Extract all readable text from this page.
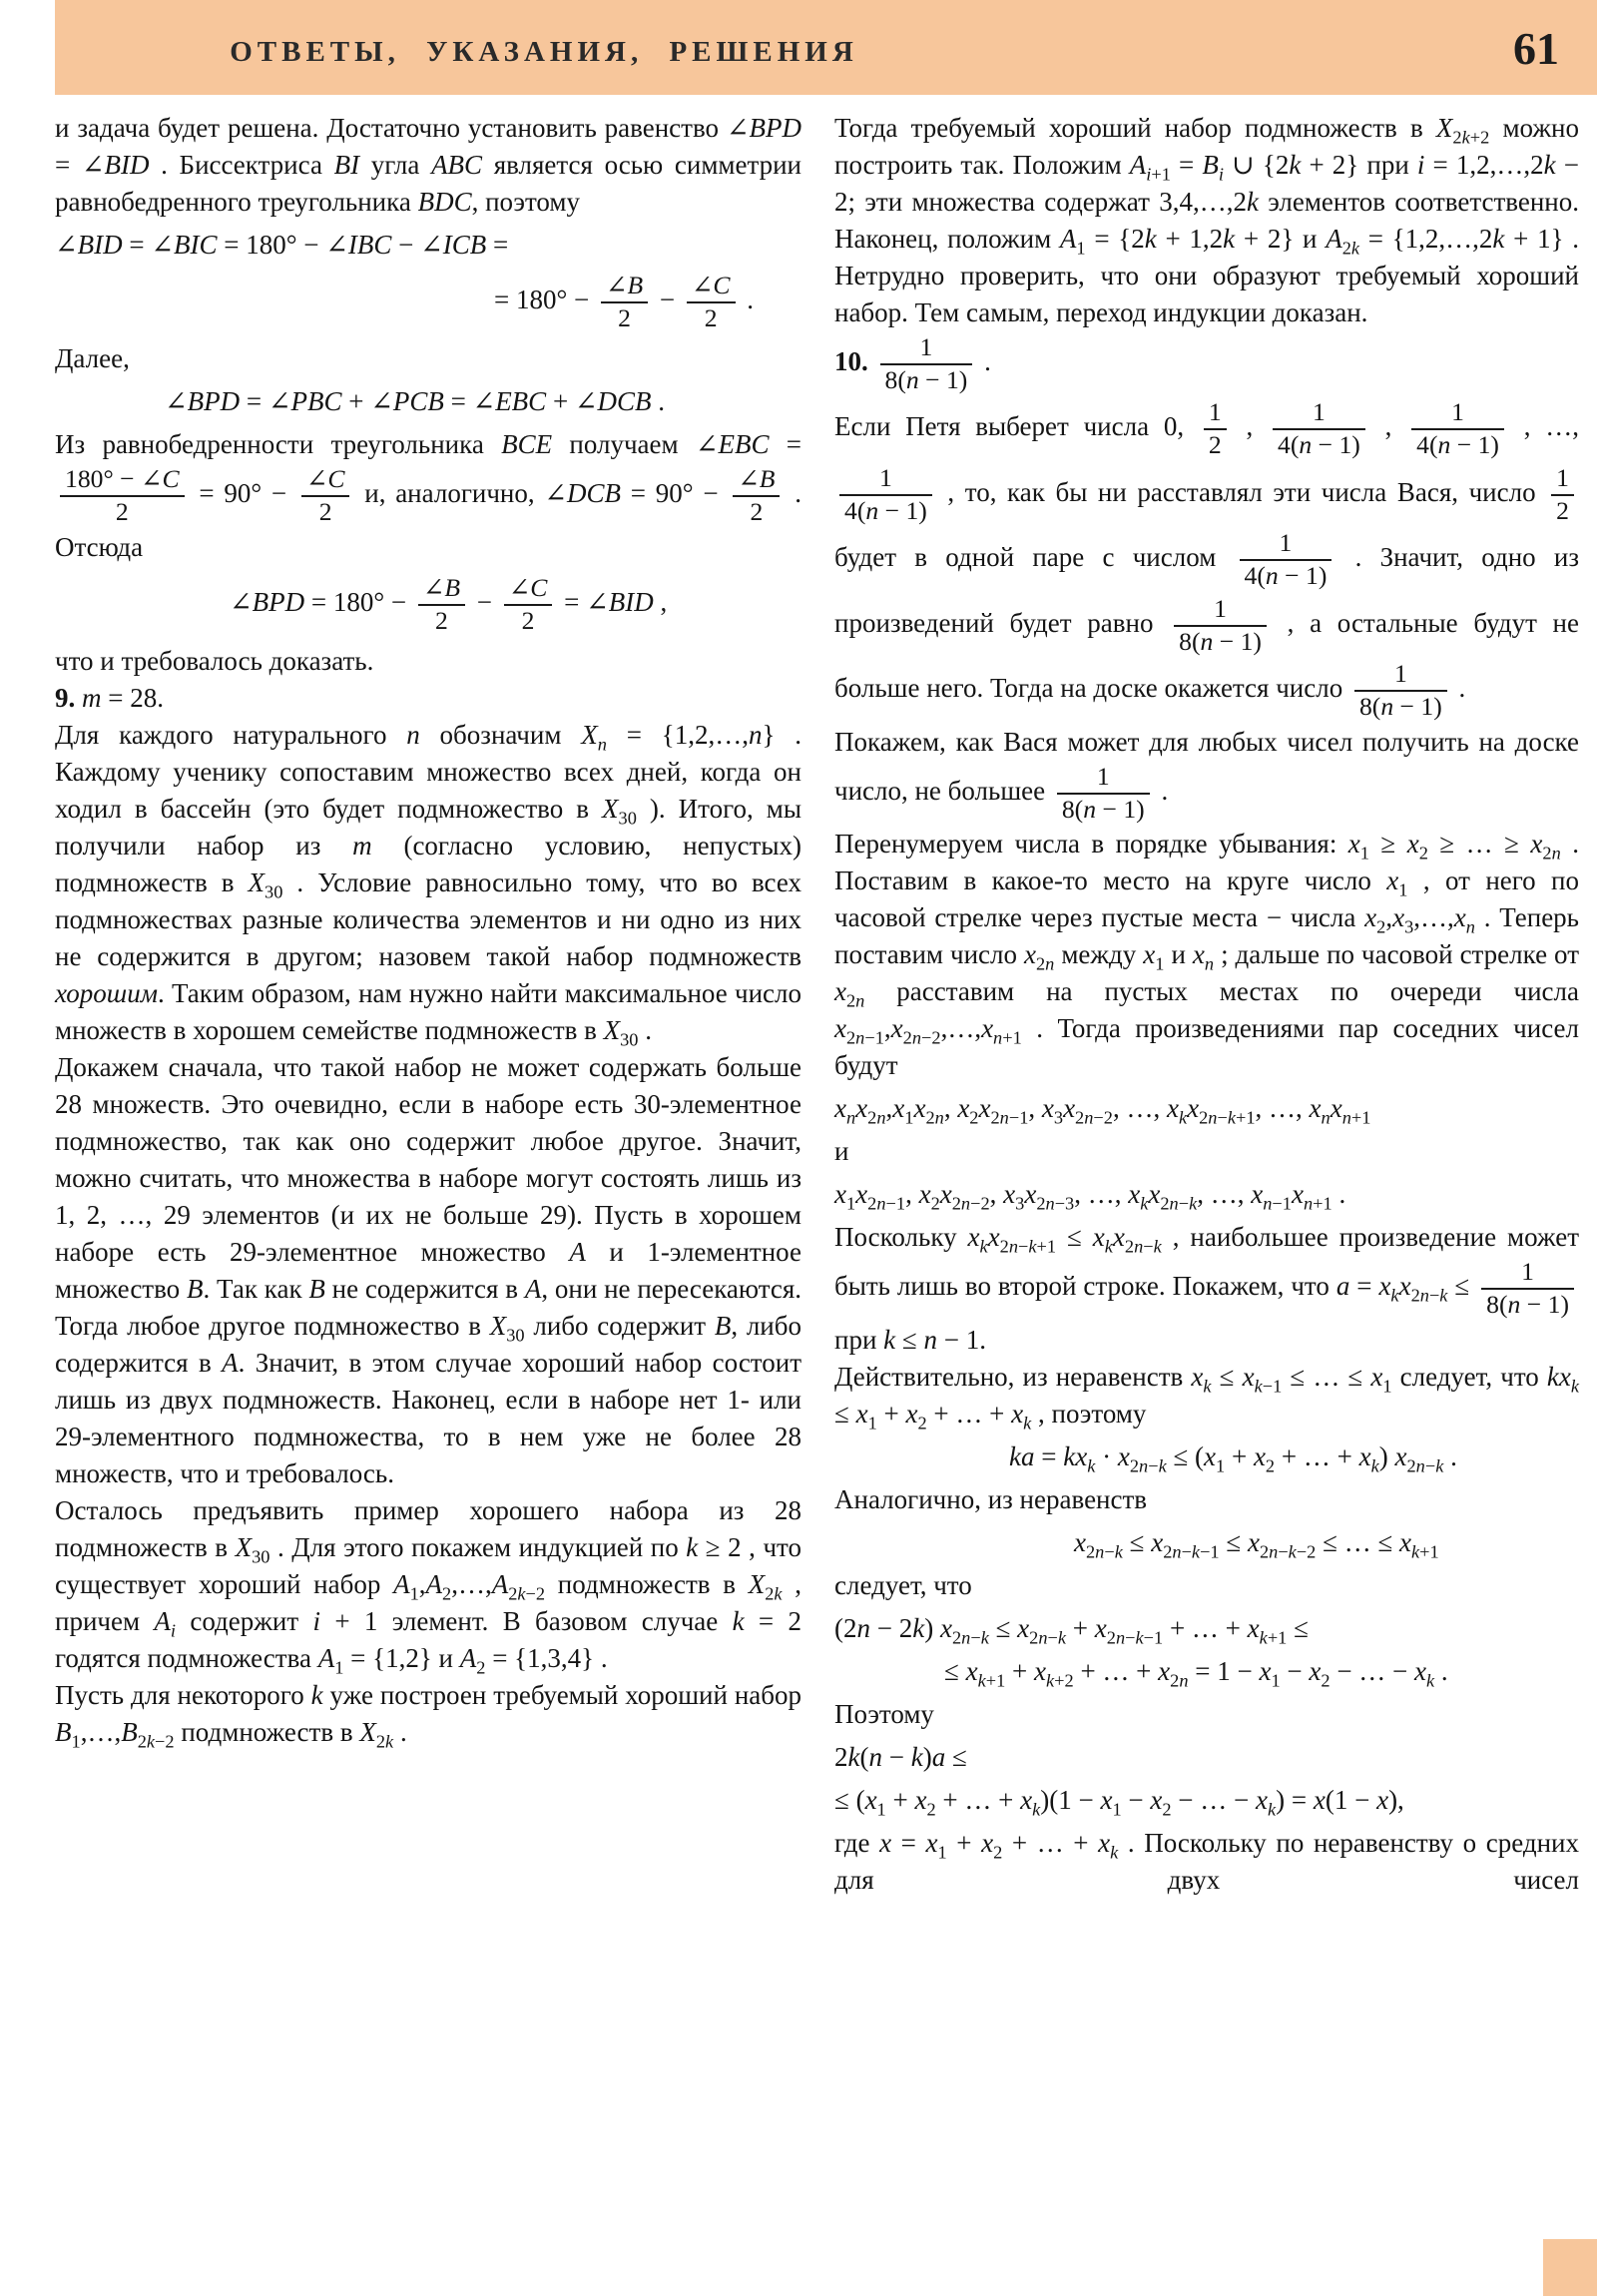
ОТВЕТЫ, УКАЗАНИЯ, РЕШЕНИЯ	61
и задача будет решена. Достаточно установить равенство ∠BPD = ∠BID . Биссектриса BI угла ABC является осью симметрии равнобедренного треугольника BDC, поэтому
∠BID = ∠BIC = 180° − ∠IBC − ∠ICB =
= $180^\circ - \frac{\angle B}{2} - \frac{\angle C}{2}$ .
Далее,
∠BPD = ∠PBC + ∠PCB = ∠EBC + ∠DCB .
Из равнобедренности треугольника BCE получаем ∠EBC =
$\frac{180^\circ - \angle C}{2} = 90^\circ - \frac{\angle C}{2} и$, аналогично, ∠DCB = $90^\circ - \frac{\angle B}{2}$ . Отсюда
∠BPD = $180^\circ - \frac{\angle B}{2} - \frac{\angle C}{2}$ = ∠BID ,
что и требовалось доказать.
9. m = 28.
Для каждого натурального n обозначим $X_n$ = {1,2,…,n} . Каждому ученику сопоставим множество всех дней, когда он ходил в бассейн (это будет подмножество в $X_{30}$ ). Итого, мы получили набор из m (согласно условию, непустых) подмножеств в $X_{30}$ . Условие равносильно тому, что во всех подмножествах разные количества элементов и ни одно из них не содержится в другом; назовем такой набор подмножеств хорошим. Таким образом, нам нужно найти максимальное число множеств в хорошем семействе подмножеств в $X_{30}$ .
Докажем сначала, что такой набор не может содержать больше 28 множеств. Это очевидно, если в наборе есть 30-элементное подмножество, так как оно содержит любое другое. Значит, можно считать, что множества в наборе могут состоять лишь из 1, 2, …, 29 элементов (и их не больше 29). Пусть в хорошем наборе есть 29-элементное множество A и 1-элементное множество B. Так как B не содержится в A, они не пересекаются. Тогда любое другое подмножество в $X_{30}$ либо содержит B, либо содержится в A. Значит, в этом случае хороший набор состоит лишь из двух подмножеств. Наконец, если в наборе нет 1- или 29-элементного подмножества, то в нем уже не более 28 множеств, что и требовалось.
Осталось предъявить пример хорошего набора из 28 подмножеств в $X_{30}$ . Для этого покажем индукцией по k ≥ 2 , что существует хороший набор $A_1,A_2,\dots,A_{2k-2}$ подмножеств в $X_{2k}$ , причем $A_i$ содержит i + 1 элемент. В базовом случае k = 2 годятся подмножества $A_1 = \{1,2\}$ и $A_2 = \{1,3,4\}$ .
Пусть для некоторого k уже построен требуемый хороший набор $B_1,\dots,B_{2k-2}$ подмножеств в $X_{2k}$ .
Тогда требуемый хороший набор подмножеств в $X_{2k+2}$ можно построить так. Положим $A_{i+1} = B_i$ ∪ {2k + 2} при i = 1,2,…,2k − 2; эти множества содержат 3,4,…,2k элементов соответственно. Наконец, положим $A_1 = \{2k + 1,2k + 2\}$ и $A_{2k}$ = {1,2,…,2k + 1} . Нетрудно проверить, что они образуют требуемый хороший набор. Тем самым, переход индукции доказан.
10. $\frac{1}{8(n - 1)}$ .
Если Петя выберет числа 0, $\frac{1}{2}$ , $\frac{1}{4(n - 1)}$ , $\frac{1}{4(n - 1)}$ , …,
$\frac{1}{4(n - 1)}$ , то, как бы ни расставлял эти числа Вася, число $\frac{1}{2}$
будет в одной паре с числом $\frac{1}{4(n - 1)}$ . Значит, одно из произведений будет равно $\frac{1}{8(n - 1)}$ , а остальные будут не больше него. Тогда на доске окажется число $\frac{1}{8(n - 1)}$ .
Покажем, как Вася может для любых чисел получить на доске число, не большее $\frac{1}{8(n - 1)}$ .
Перенумеруем числа в порядке убывания: $x_1 \ge x_2$ ≥ … ≥ $x_{2n}$ . Поставим в какое-то место на круге число $x_1$ , от него по часовой стрелке через пустые места − числа $x_2,x_3,\dots,x_n$ . Теперь поставим число $x_{2n}$ между $x_1$ и $x_n$ ; дальше по часовой стрелке от $x_{2n}$ расставим на пустых местах по очереди числа $x_{2n-1},x_{2n-2},\dots,x_{n+1}$ . Тогда произведениями пар соседних чисел будут
$x_nx_{2n},x_1x_{2n}$, $x_2x_{2n-1}$, $x_3x_{2n-2}$, …, $x_kx_{2n-k+1}$, …, $x_nx_{n+1}$
и
$x_1x_{2n-1}$, $x_2x_{2n-2}$, $x_3x_{2n-3}$, …, $x_kx_{2n-k}$, …, $x_{n-1}x_{n+1}$ .
Поскольку $x_kx_{2n-k+1} \le x_kx_{2n-k}$ , наибольшее произведение может быть лишь во второй строке. Покажем, что $a = x_kx_{2n-k} \le \frac{1}{8(n - 1)}$
при k ≤ n − 1.
Действительно, из неравенств $x_k \le x_{k-1}$ ≤ … ≤ $x_1$ следует, что $kx_k \le x_1 + x_2$ + … + $x_k$ , поэтому
ka = $kx_k \cdot x_{2n-k} \le (x_1 + x_2$ + … + $x_k$) $x_{2n-k}$ .
Аналогично, из неравенств
$x_{2n-k} \le x_{2n-k-1} \le x_{2n-k-2}$ ≤ … ≤ $x_{k+1}$
следует, что
(2n − 2k) $x_{2n-k} \le x_{2n-k} + x_{2n-k-1}$ + … + $x_{k+1}$ ≤
≤ $x_{k+1} + x_{k+2}$ + … + $x_{2n} = 1 - x_1 - x_2$ − … − $x_k$ .
Поэтому
2k(n − k)a ≤
≤ ($x_1 + x_2$ + … + $x_k)(1 - x_1 - x_2$ − … − $x_k) = x(1 - x)$,
где $x = x_1 + x_2$ + … + $x_k$ . Поскольку по неравенству о средних для двух чисел
